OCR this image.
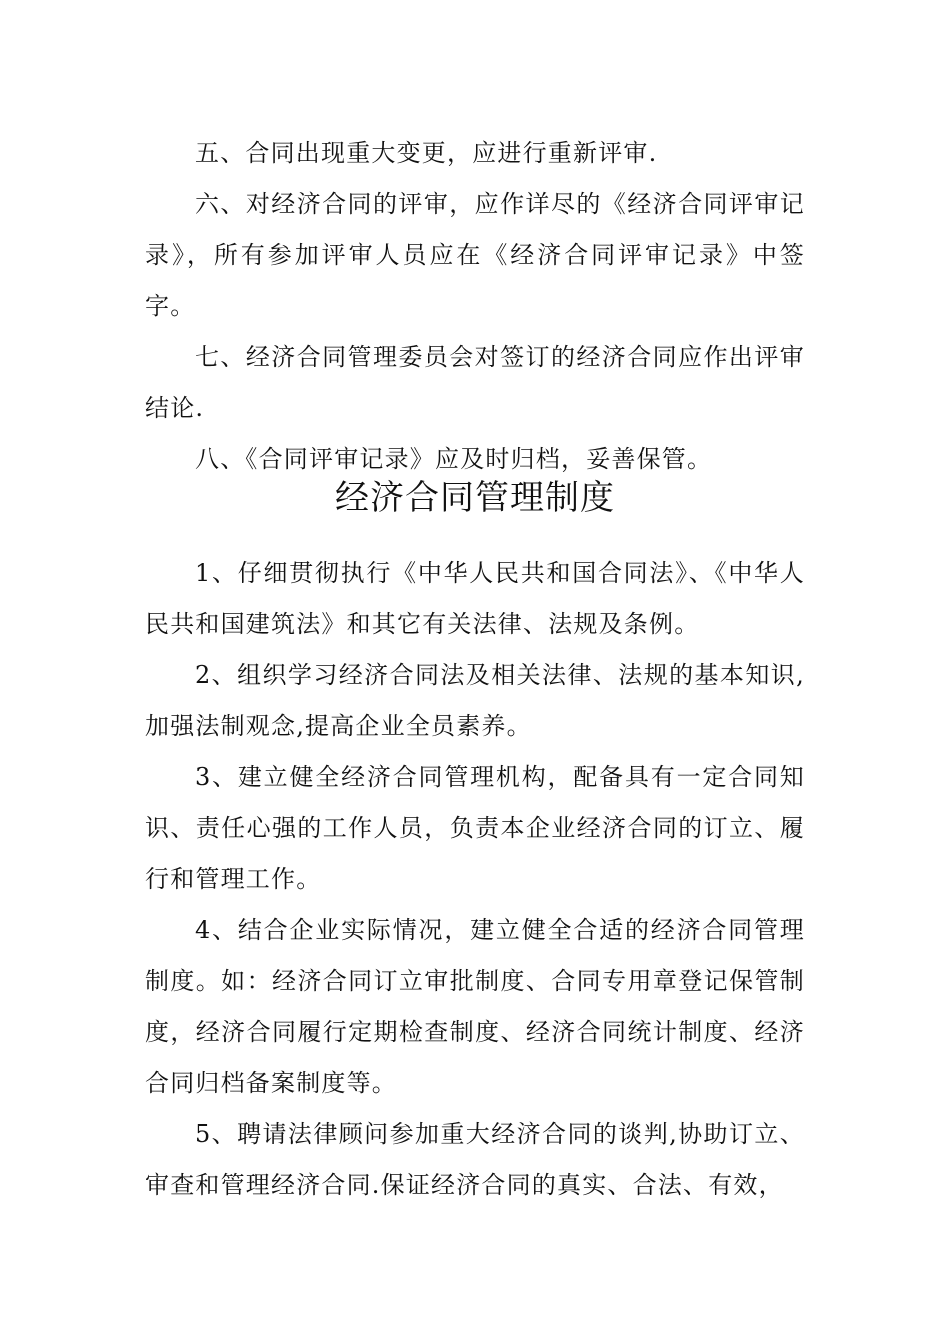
五、合同出现重大变更，应进行重新评审.

六、对经济合同的评审，应作详尽的《经济合同评审记录》，所有参加评审人员应在《经济合同评审记录》中签字。

七、经济合同管理委员会对签订的经济合同应作出评审结论.

八、《合同评审记录》应及时归档，妥善保管。

经济合同管理制度

1、仔细贯彻执行《中华人民共和国合同法》、《中华人民共和国建筑法》和其它有关法律、法规及条例。

2、组织学习经济合同法及相关法律、法规的基本知识,加强法制观念,提高企业全员素养。

3、建立健全经济合同管理机构，配备具有一定合同知识、责任心强的工作人员，负责本企业经济合同的订立、履行和管理工作。

4、结合企业实际情况，建立健全合适的经济合同管理制度。如：经济合同订立审批制度、合同专用章登记保管制度，经济合同履行定期检查制度、经济合同统计制度、经济合同归档备案制度等。

5、聘请法律顾问参加重大经济合同的谈判,协助订立、审查和管理经济合同.保证经济合同的真实、合法、有效，
